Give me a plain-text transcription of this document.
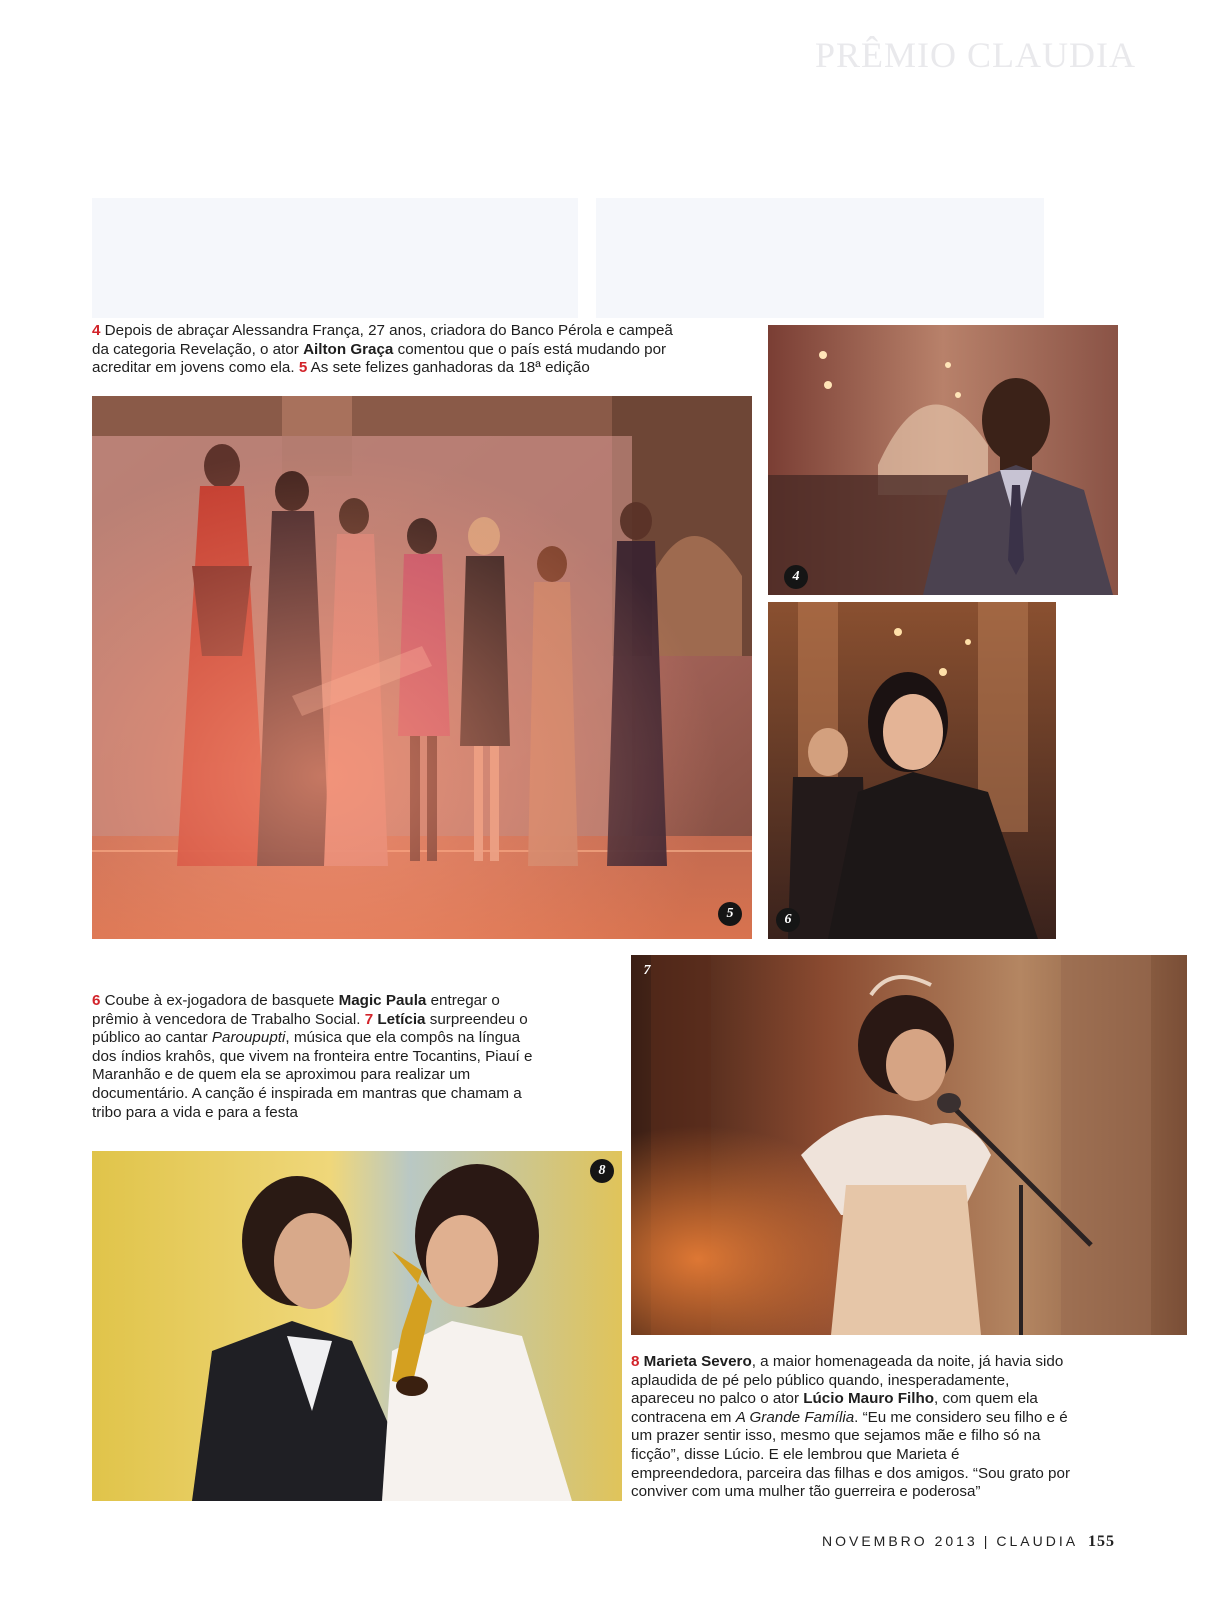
PRÊMIO CLAUDIA
4 Depois de abraçar Alessandra França, 27 anos, criadora do Banco Pérola e campeã da categoria Revelação, o ator Ailton Graça comentou que o país está mudando por acreditar em jovens como ela. 5 As sete felizes ganhadoras da 18ª edição
5
4
6
6 Coube à ex-jogadora de basquete Magic Paula entregar o prêmio à vencedora de Trabalho Social. 7 Letícia surpreendeu o público ao cantar Paroupupti, música que ela compôs na língua dos índios krahôs, que vivem na fronteira entre Tocantins, Piauí e Maranhão e de quem ela se aproximou para realizar um documentário. A canção é inspirada em mantras que chamam a tribo para a vida e para a festa
7
8
8 Marieta Severo, a maior homenageada da noite, já havia sido aplaudida de pé pelo público quando, inesperadamente, apareceu no palco o ator Lúcio Mauro Filho, com quem ela contracena em A Grande Família. “Eu me considero seu filho e é um prazer sentir isso, mesmo que sejamos mãe e filho só na ficção”, disse Lúcio. E ele lembrou que Marieta é empreendedora, parceira das filhas e dos amigos. “Sou grato por conviver com uma mulher tão guerreira e poderosa”
NOVEMBRO 2013 | CLAUDIA 155
